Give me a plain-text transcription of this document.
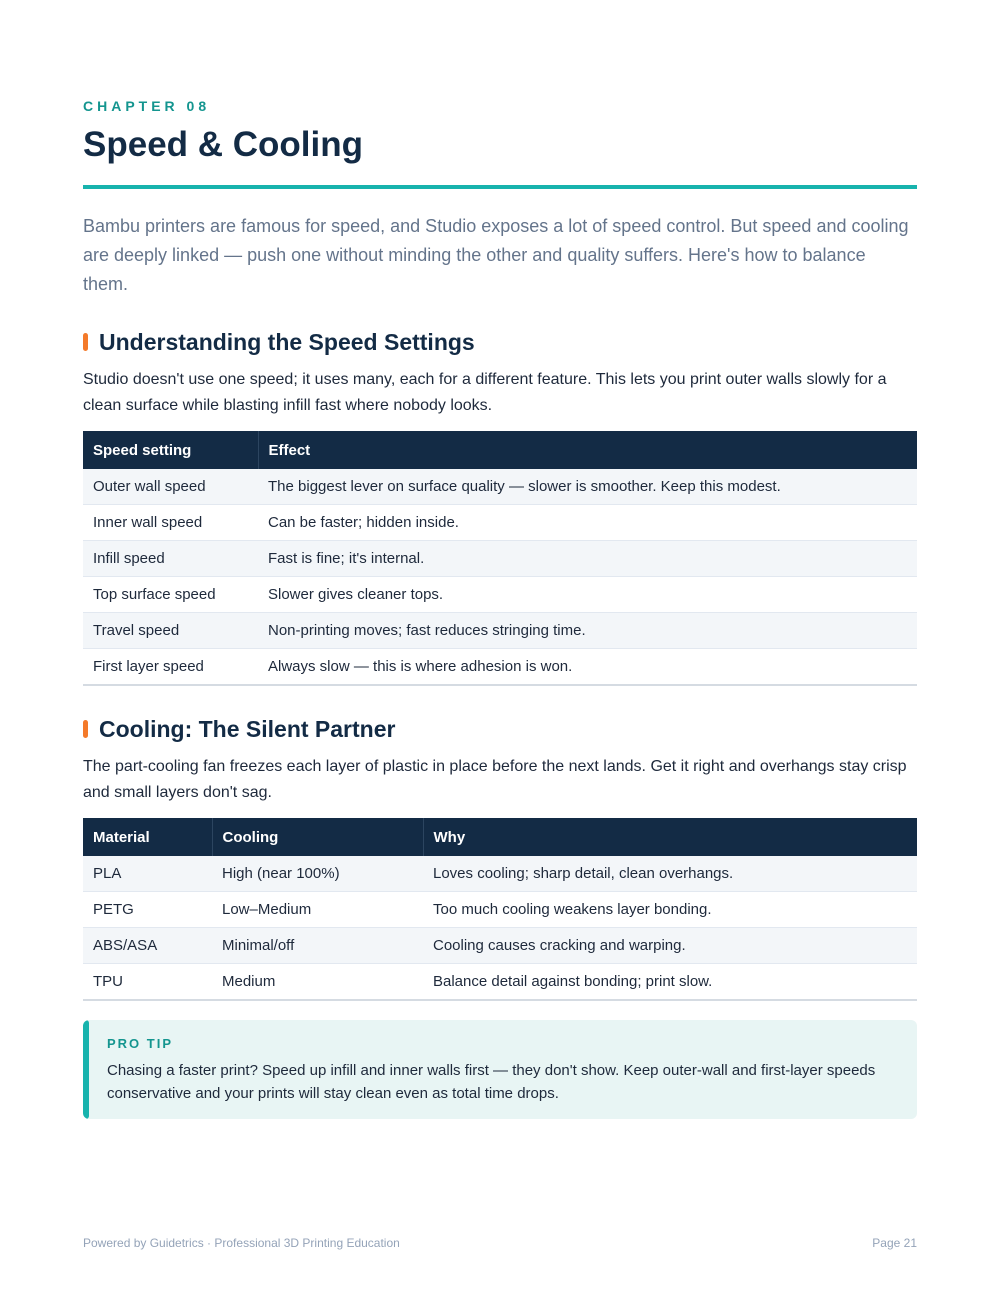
CHAPTER 08
Speed & Cooling

Bambu printers are famous for speed, and Studio exposes a lot of speed control. But speed and cooling are deeply linked — push one without minding the other and quality suffers. Here's how to balance them.

Understanding the Speed Settings

Studio doesn't use one speed; it uses many, each for a different feature. This lets you print outer walls slowly for a clean surface while blasting infill fast where nobody looks.

Speed setting	Effect
Outer wall speed	The biggest lever on surface quality — slower is smoother. Keep this modest.
Inner wall speed	Can be faster; hidden inside.
Infill speed	Fast is fine; it's internal.
Top surface speed	Slower gives cleaner tops.
Travel speed	Non-printing moves; fast reduces stringing time.
First layer speed	Always slow — this is where adhesion is won.
Cooling: The Silent Partner

The part-cooling fan freezes each layer of plastic in place before the next lands. Get it right and overhangs stay crisp and small layers don't sag.

Material	Cooling	Why
PLA	High (near 100%)	Loves cooling; sharp detail, clean overhangs.
PETG	Low–Medium	Too much cooling weakens layer bonding.
ABS/ASA	Minimal/off	Cooling causes cracking and warping.
TPU	Medium	Balance detail against bonding; print slow.
PRO TIP

Chasing a faster print? Speed up infill and inner walls first — they don't show. Keep outer-wall and first-layer speeds conservative and your prints will stay clean even as total time drops.

Powered by Guidetrics · Professional 3D Printing Education	Page 21
